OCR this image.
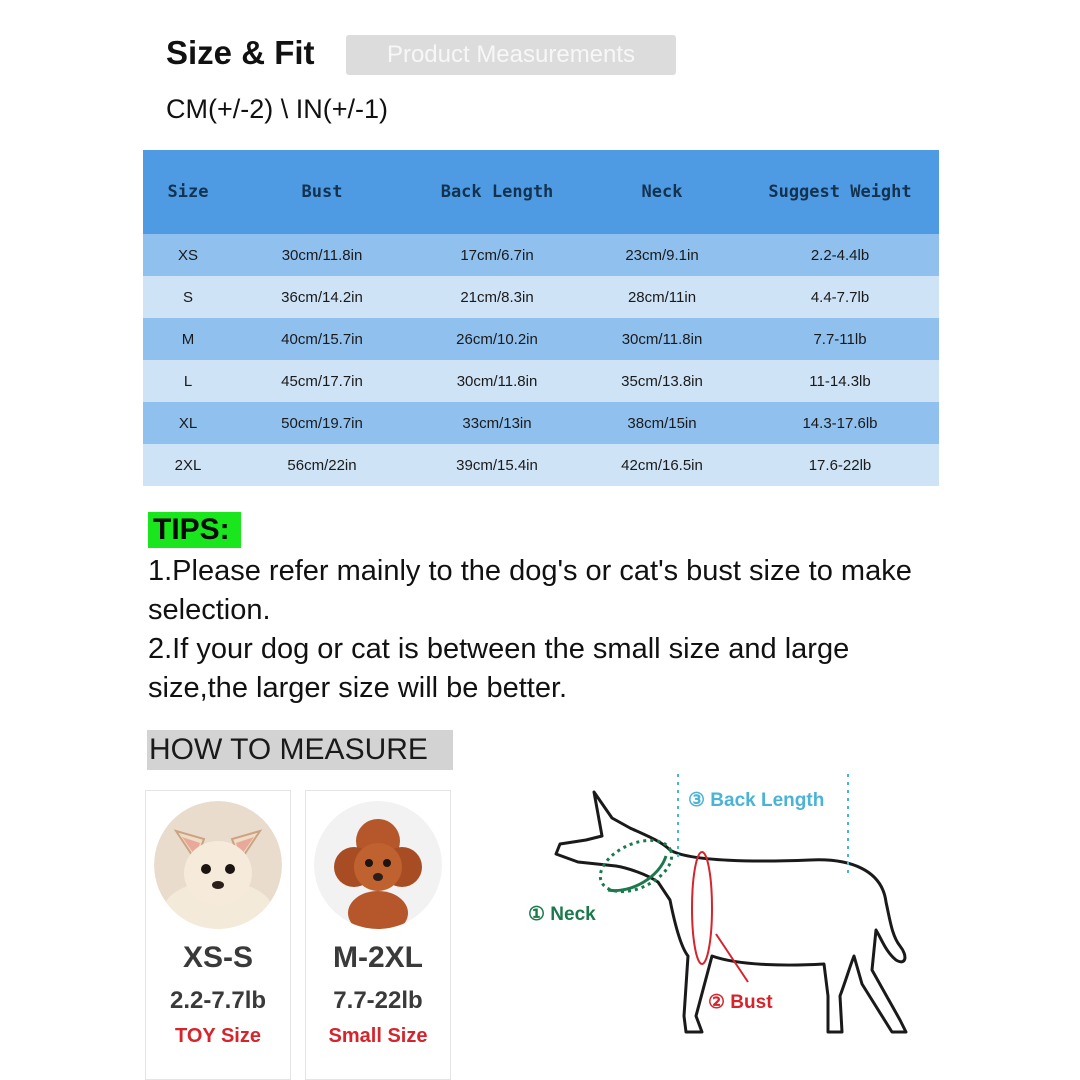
Size & Fit	Product Measurements
CM(+/-2) \ IN(+/-1)
Size	Bust	Back Length	Neck	Suggest Weight
XS	30cm/11.8in	17cm/6.7in	23cm/9.1in	2.2-4.4lb
S	36cm/14.2in	21cm/8.3in	28cm/11in	4.4-7.7lb
M	40cm/15.7in	26cm/10.2in	30cm/11.8in	7.7-11lb
L	45cm/17.7in	30cm/11.8in	35cm/13.8in	11-14.3lb
XL	50cm/19.7in	33cm/13in	38cm/15in	14.3-17.6lb
2XL	56cm/22in	39cm/15.4in	42cm/16.5in	17.6-22lb
TIPS:

1.Please refer mainly to the dog's or cat's bust size to make selection.

2.If your dog or cat is between the small size and large size,the larger size will be better.

HOW TO MEASURE
XS-S
2.2-7.7lb
TOY Size
M-2XL
7.7-22lb
Small Size
③ Back Length
① Neck
② Bust
